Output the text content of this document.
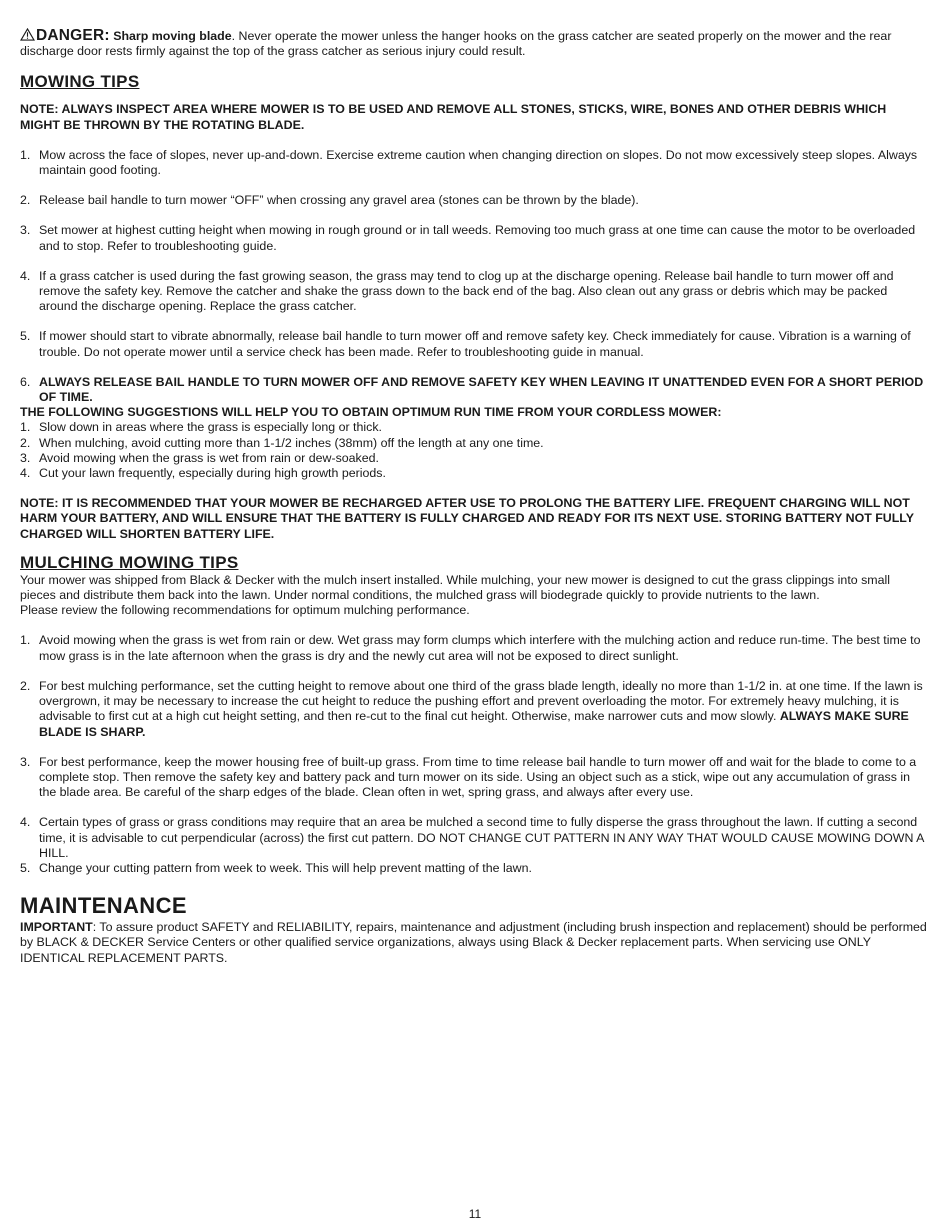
DANGER: Sharp moving blade. Never operate the mower unless the hanger hooks on the grass catcher are seated properly on the mower and the rear discharge door rests firmly against the top of the grass catcher as serious injury could result.

MOWING TIPS

NOTE: ALWAYS INSPECT AREA WHERE MOWER IS TO BE USED AND REMOVE ALL STONES, STICKS, WIRE, BONES AND OTHER DEBRIS WHICH MIGHT BE THROWN BY THE ROTATING BLADE.

1. Mow across the face of slopes, never up-and-down. Exercise extreme caution when changing direction on slopes. Do not mow excessively steep slopes. Always maintain good footing.
2. Release bail handle to turn mower “OFF” when crossing any gravel area (stones can be thrown by the blade).
3. Set mower at highest cutting height when mowing in rough ground or in tall weeds. Removing too much grass at one time can cause the motor to be overloaded and to stop. Refer to troubleshooting guide.
4. If a grass catcher is used during the fast growing season, the grass may tend to clog up at the discharge opening. Release bail handle to turn mower off and remove the safety key. Remove the catcher and shake the grass down to the back end of the bag. Also clean out any grass or debris which may be packed around the discharge opening. Replace the grass catcher.
5. If mower should start to vibrate abnormally, release bail handle to turn mower off and remove safety key. Check immediately for cause. Vibration is a warning of trouble. Do not operate mower until a service check has been made. Refer to troubleshooting guide in manual.
6. ALWAYS RELEASE BAIL HANDLE TO TURN MOWER OFF AND REMOVE SAFETY KEY WHEN LEAVING IT UNATTENDED EVEN FOR A SHORT PERIOD OF TIME.

THE FOLLOWING SUGGESTIONS WILL HELP YOU TO OBTAIN OPTIMUM RUN TIME FROM YOUR CORDLESS MOWER:

1. Slow down in areas where the grass is especially long or thick.
2. When mulching, avoid cutting more than 1-1/2 inches (38mm) off the length at any one time.
3. Avoid mowing when the grass is wet from rain or dew-soaked.
4. Cut your lawn frequently, especially during high growth periods.

NOTE: IT IS RECOMMENDED THAT YOUR MOWER BE RECHARGED AFTER USE TO PROLONG THE BATTERY LIFE. FREQUENT CHARGING WILL NOT HARM YOUR BATTERY, AND WILL ENSURE THAT THE BATTERY IS FULLY CHARGED AND READY FOR ITS NEXT USE. STORING BATTERY NOT FULLY CHARGED WILL SHORTEN BATTERY LIFE.

MULCHING MOWING TIPS

Your mower was shipped from Black & Decker with the mulch insert installed. While mulching, your new mower is designed to cut the grass clippings into small pieces and distribute them back into the lawn. Under normal conditions, the mulched grass will biodegrade quickly to provide nutrients to the lawn.

Please review the following recommendations for optimum mulching performance.

1. Avoid mowing when the grass is wet from rain or dew. Wet grass may form clumps which interfere with the mulching action and reduce run-time. The best time to mow grass is in the late afternoon when the grass is dry and the newly cut area will not be exposed to direct sunlight.
2. For best mulching performance, set the cutting height to remove about one third of the grass blade length, ideally no more than 1-1/2 in. at one time. If the lawn is overgrown, it may be necessary to increase the cut height to reduce the pushing effort and prevent overloading the motor. For extremely heavy mulching, it is advisable to first cut at a high cut height setting, and then re-cut to the final cut height. Otherwise, make narrower cuts and mow slowly. ALWAYS MAKE SURE BLADE IS SHARP.
3. For best performance, keep the mower housing free of built-up grass. From time to time release bail handle to turn mower off and wait for the blade to come to a complete stop. Then remove the safety key and battery pack and turn mower on its side. Using an object such as a stick, wipe out any accumulation of grass in the blade area. Be careful of the sharp edges of the blade. Clean often in wet, spring grass, and always after every use.
4. Certain types of grass or grass conditions may require that an area be mulched a second time to fully disperse the grass throughout the lawn. If cutting a second time, it is advisable to cut perpendicular (across) the first cut pattern. DO NOT CHANGE CUT PATTERN IN ANY WAY THAT WOULD CAUSE MOWING DOWN A HILL.
5. Change your cutting pattern from week to week. This will help prevent matting of the lawn.
MAINTENANCE

IMPORTANT: To assure product SAFETY and RELIABILITY, repairs, maintenance and adjustment (including brush inspection and replacement) should be performed by BLACK & DECKER Service Centers or other qualified service organizations, always using Black & Decker replacement parts. When servicing use ONLY IDENTICAL REPLACEMENT PARTS.

11
